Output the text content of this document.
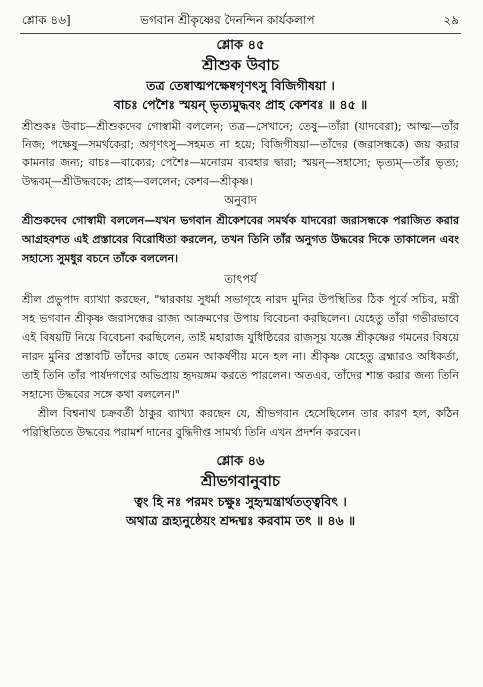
শ্লোক ৪৬]	ভগবান শ্রীকৃষ্ণের দৈনন্দিন কার্যকলাপ	২৯
শ্লোক ৪৫
শ্রীশুক উবাচ
তত্র তেষ্বাত্মপক্ষেষ্বগৃণৎসু বিজিগীষয়া ।
বাচঃ পেশৈঃ স্ময়ন্ ভৃত্যমুদ্ধবং প্রাহ কেশবঃ ॥ ৪৫ ॥
শ্রীশুকঃ উবাচ—শ্রীশুকদেব গোস্বামী বললেন; তত্র—সেখানে; তেষু—তাঁরা (যাদবেরা); আত্ম—তাঁর নিজ; পক্ষেষু—সমর্থকেরা; অগৃণৎসু—সহমত না হয়ে; বিজিগীষয়া—তাঁদের (জরাসন্ধকে) জয় করার কামনার জন্য; বাচঃ—বাক্যের; পেশৈঃ—মনোরম ব্যবহার দ্বারা; স্ময়ন্—সহাস্যে; ভৃত্যম্—তাঁর ভৃত্য; উদ্ধবম্—শ্রীউদ্ধবকে; প্রাহ—বললেন; কেশব—শ্রীকৃষ্ণ।
অনুবাদ
শ্রীশুকদেব গোস্বামী বললেন—যখন ভগবান শ্রীকেশবের সমর্থক যাদবেরা জরাসন্ধকে পরাজিত করার আগ্রহবশত এই প্রস্তাবের বিরোধিতা করলেন, তখন তিনি তাঁর অনুগত উদ্ধবের দিকে তাকালেন এবং সহাস্যে সুমধুর বচনে তাঁকে বললেন।
তাৎপর্য
শ্রীল প্রভুপাদ ব্যাখ্যা করছেন, "দ্বারকায় সুধর্মা সভাগৃহে নারদ মুনির উপস্থিতির ঠিক পূর্বে সচিব, মন্ত্রী সহ ভগবান শ্রীকৃষ্ণ জরাসন্ধের রাজ্য আক্রমণের উপায় বিবেচনা করছিলেন। যেহেতু তাঁরা গভীরভাবে এই বিষয়টি নিয়ে বিবেচনা করছিলেন, তাই মহারাজ যুধিষ্ঠিরের রাজসূয় যজ্ঞে শ্রীকৃষ্ণের গমনের বিষয়ে নারদ মুনির প্রস্তাবটি তাঁদের কাছে তেমন আকর্ষণীয় মনে হল না। শ্রীকৃষ্ণ যেহেতু ব্রহ্মারও অধিকর্তা, তাই তিনি তাঁর পার্ষদগণের অভিপ্রায় হৃদয়ঙ্গম করতে পারলেন। অতএব, তাঁদের শান্ত করার জন্য তিনি সহাস্যে উদ্ধবের সঙ্গে কথা বললেন।"
শ্রীল বিশ্বনাথ চক্রবর্তী ঠাকুর ব্যাখ্যা করছেন যে, শ্রীভগবান হেসেছিলেন তার কারণ হল, কঠিন পরিস্থিতিতে উদ্ধবের পরামর্শ দানের বুদ্ধিদীপ্ত সামর্থ্য তিনি এখন প্রদর্শন করবেন।
শ্লোক ৪৬
শ্রীভগবানুবাচ
ত্বং হি নঃ পরমং চক্ষুঃ সুহৃন্মন্ত্রার্থতত্ত্ববিৎ ।
অথাত্র ব্রূহ্যনুষ্ঠেয়ং শ্রদ্দধ্মঃ করবাম তৎ ॥ ৪৬ ॥
